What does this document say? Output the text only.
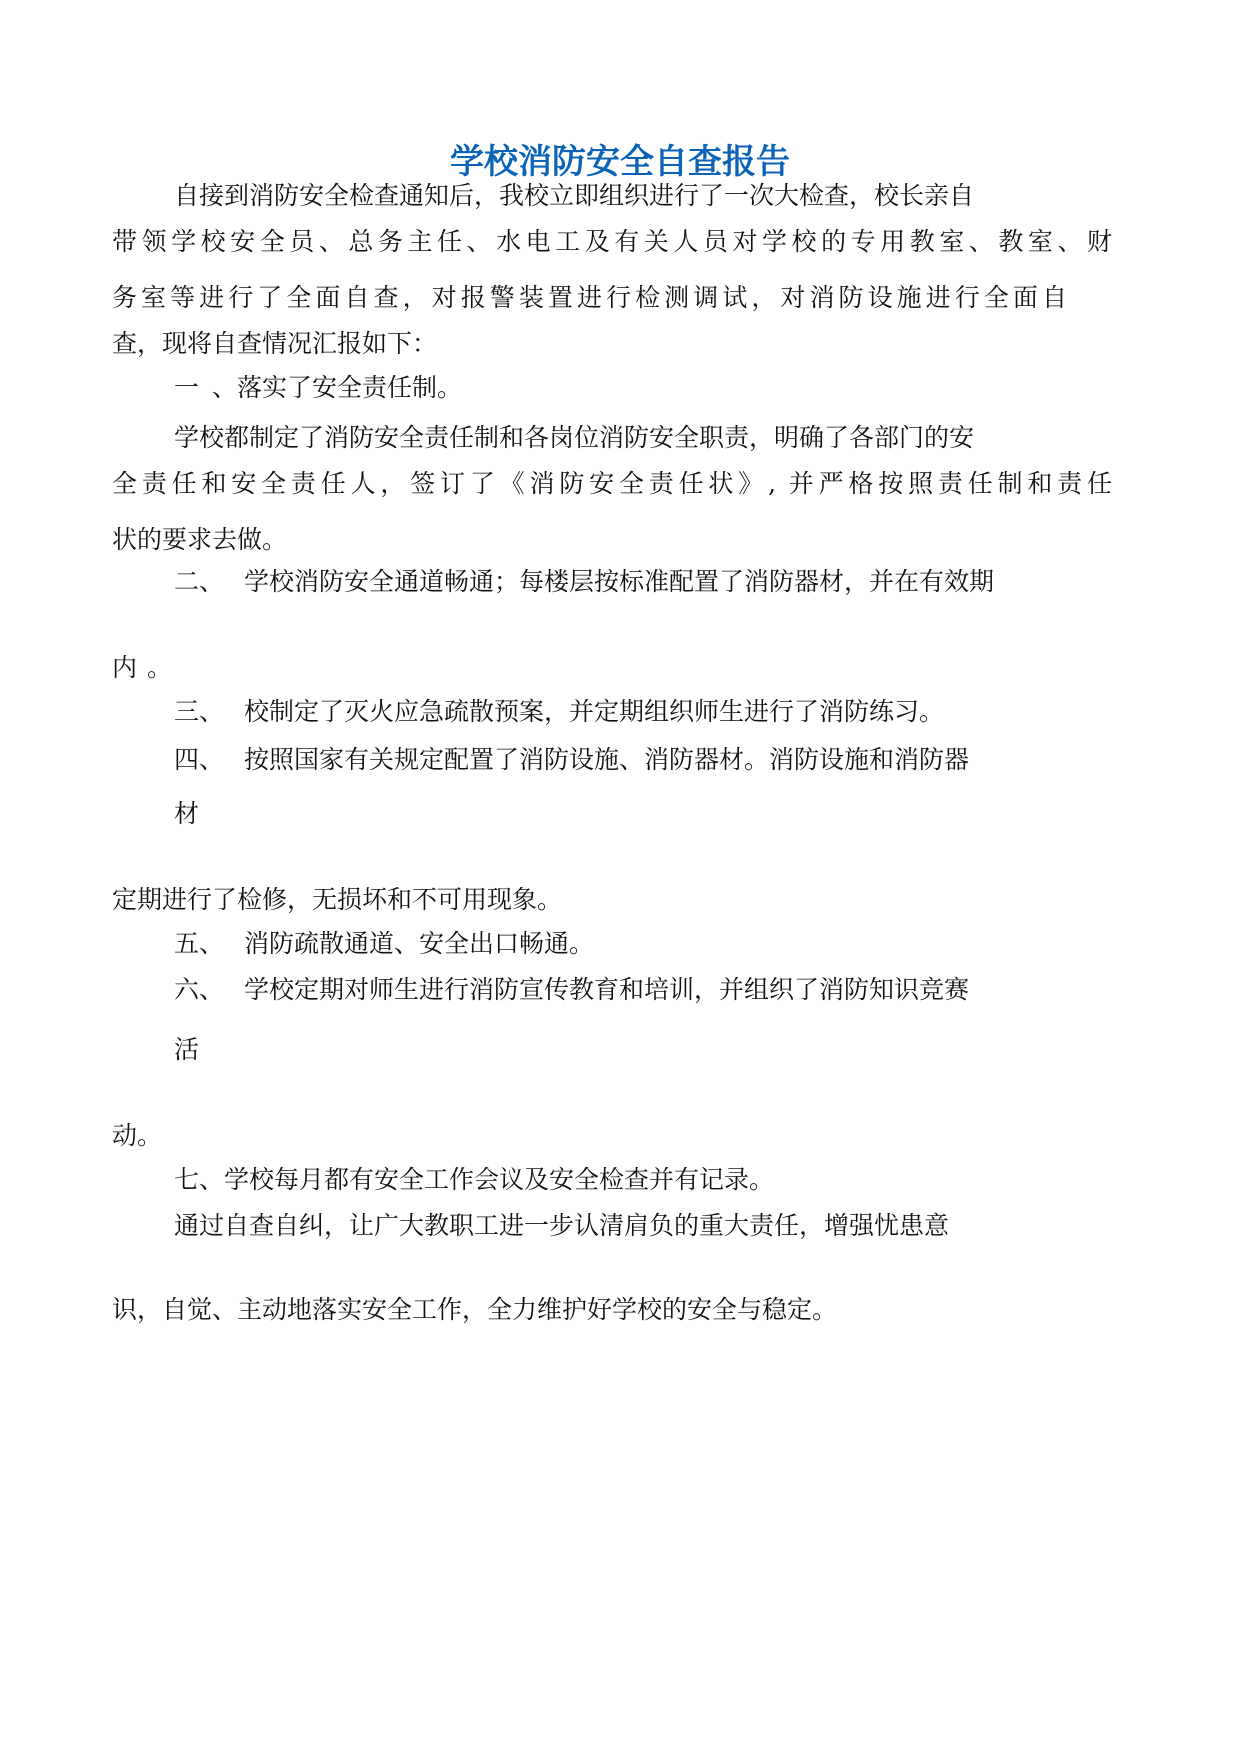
学校消防安全自查报告
自接到消防安全检查通知后，我校立即组织进行了一次大检查，校长亲自
带领学校安全员、总务主任、水电工及有关人员对学校的专用教室、教室、财
务室等进行了全面自查，对报警装置进行检测调试，对消防设施进行全面自
查，现将自查情况汇报如下：
一 、落实了安全责任制。
学校都制定了消防安全责任制和各岗位消防安全职责，明确了各部门的安
全责任和安全责任人，签订了《消防安全责任状》, 并严格按照责任制和责任
状的要求去做。
二、 学校消防安全通道畅通；每楼层按标准配置了消防器材，并在有效期
内 。
三、 校制定了灭火应急疏散预案，并定期组织师生进行了消防练习。
四、 按照国家有关规定配置了消防设施、消防器材。消防设施和消防器
材
定期进行了检修，无损坏和不可用现象。
五、 消防疏散通道、安全出口畅通。
六、 学校定期对师生进行消防宣传教育和培训，并组织了消防知识竞赛
活
动。
七、学校每月都有安全工作会议及安全检查并有记录。
通过自查自纠，让广大教职工进一步认清肩负的重大责任，增强忧患意
识，自觉、主动地落实安全工作，全力维护好学校的安全与稳定。
